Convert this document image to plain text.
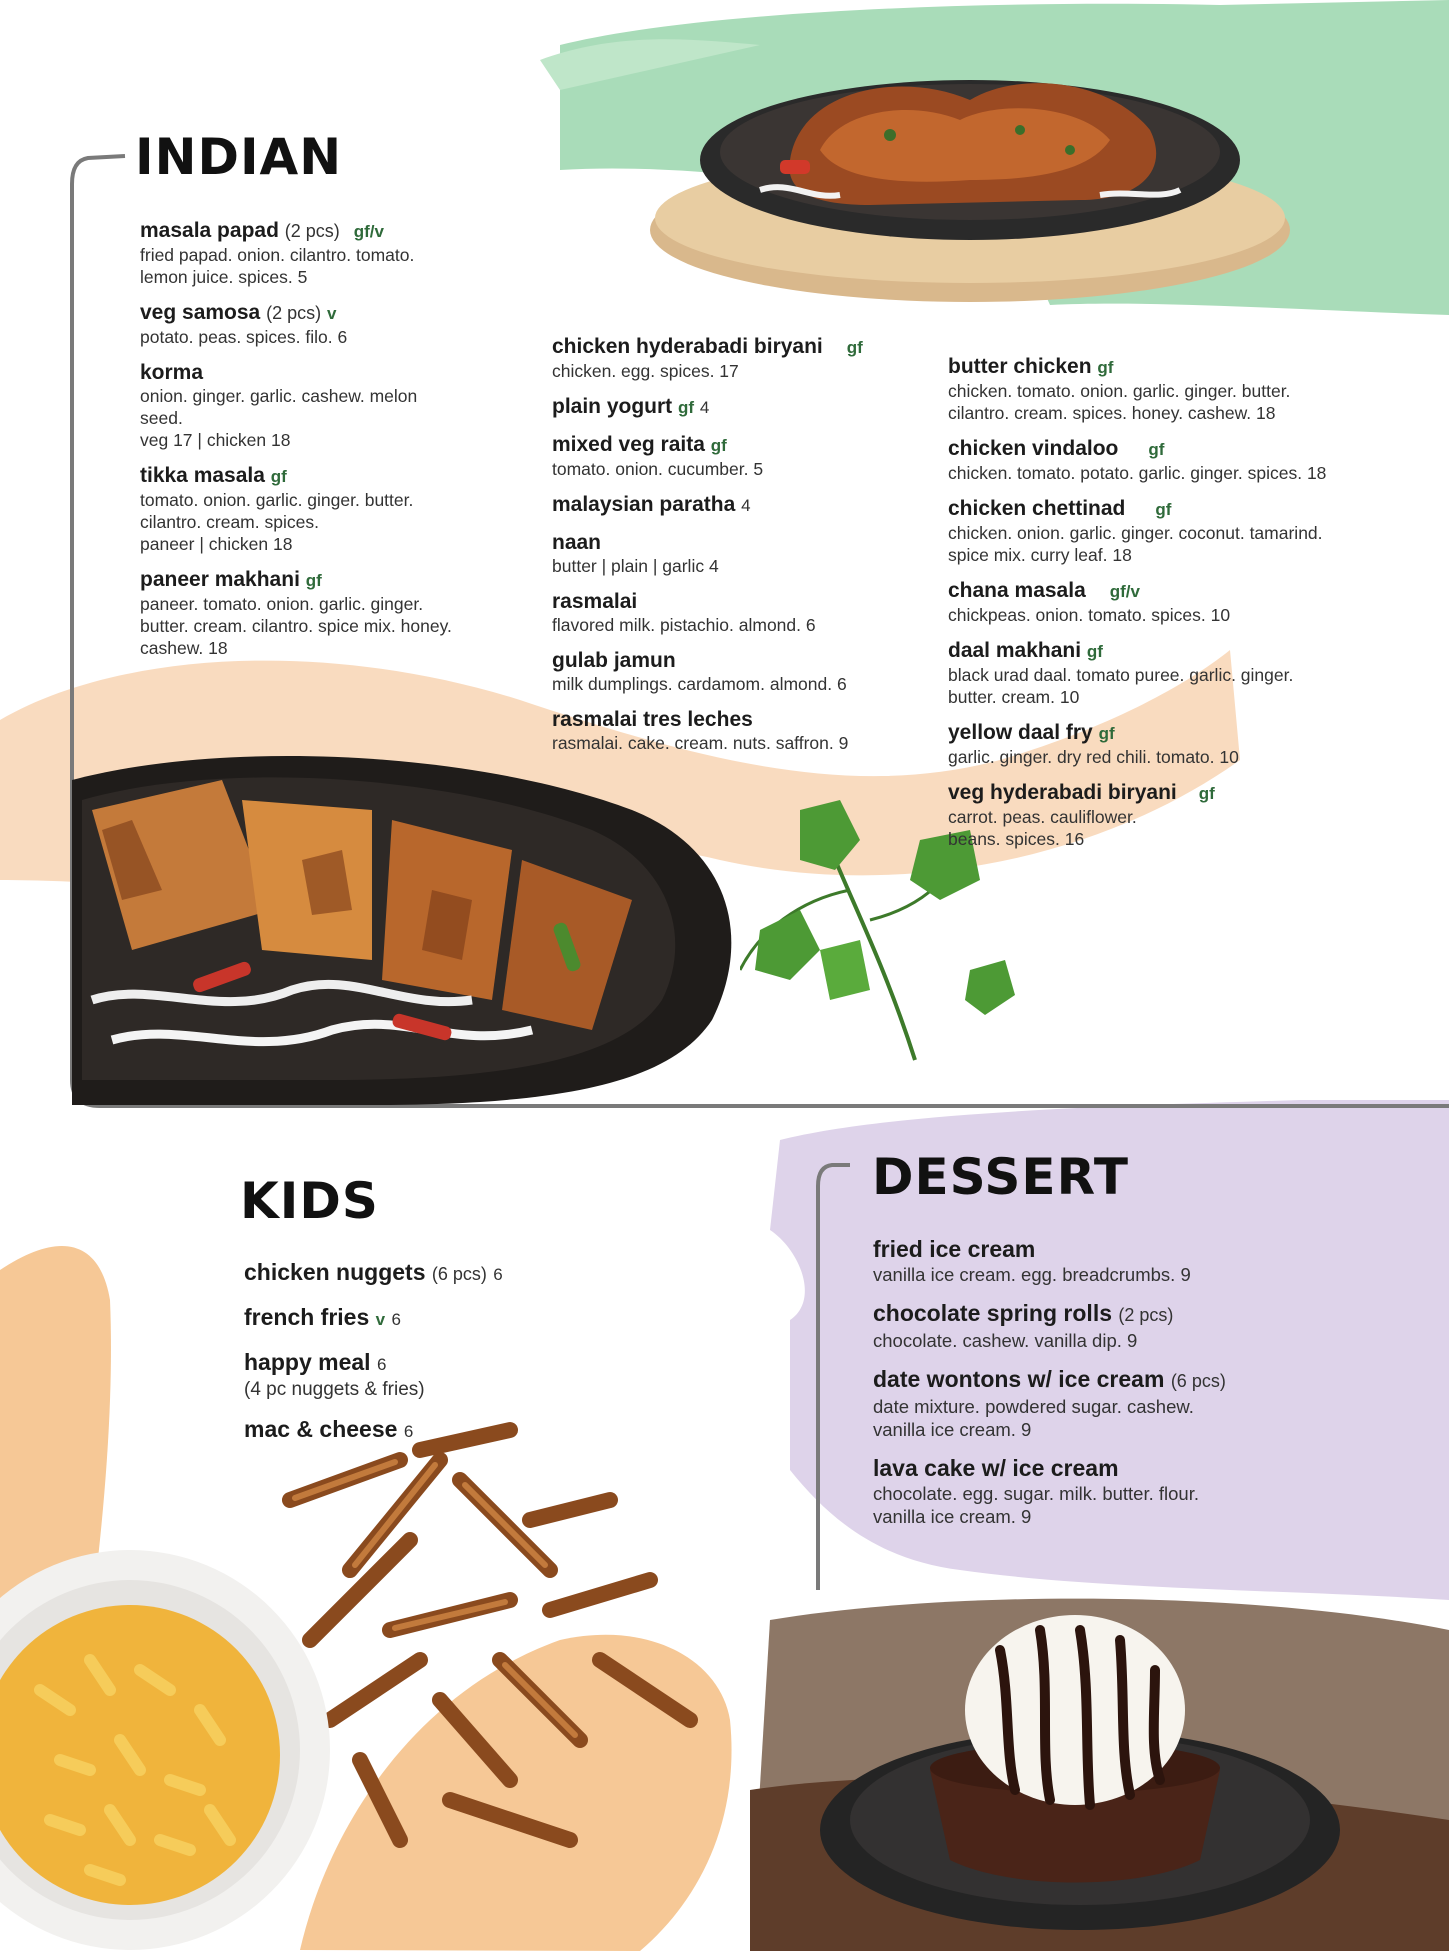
INDIAN
masala papad (2 pcs) gf/v
fried papad. onion. cilantro. tomato. lemon juice. spices. 5
veg samosa (2 pcs) v
potato. peas. spices. filo. 6
korma
onion. ginger. garlic. cashew. melon seed.
veg 17 | chicken 18
tikka masala gf
tomato. onion. garlic. ginger. butter. cilantro. cream. spices.
paneer | chicken 18
paneer makhani gf
paneer. tomato. onion. garlic. ginger. butter. cream. cilantro. spice mix. honey. cashew. 18
chicken hyderabadi biryani gf
chicken. egg. spices. 17
plain yogurt gf 4
mixed veg raita gf
tomato. onion. cucumber. 5
malaysian paratha 4
naan
butter | plain | garlic 4
rasmalai
flavored milk. pistachio. almond. 6
gulab jamun
milk dumplings. cardamom. almond. 6
rasmalai tres leches
rasmalai. cake. cream. nuts. saffron. 9
butter chicken gf
chicken. tomato. onion. garlic. ginger. butter. cilantro. cream. spices. honey. cashew. 18
chicken vindaloo gf
chicken. tomato. potato. garlic. ginger. spices. 18
chicken chettinad gf
chicken. onion. garlic. ginger. coconut. tamarind. spice mix. curry leaf. 18
chana masala gf/v
chickpeas. onion. tomato. spices. 10
daal makhani gf
black urad daal. tomato puree. garlic. ginger. butter. cream. 10
yellow daal fry gf
garlic. ginger. dry red chili. tomato. 10
veg hyderabadi biryani gf
carrot. peas. cauliflower. beans. spices. 16
KIDS
chicken nuggets (6 pcs) 6
french fries v 6
happy meal 6
(4 pc nuggets & fries)
mac & cheese 6
DESSERT
fried ice cream
vanilla ice cream. egg. breadcrumbs. 9
chocolate spring rolls (2 pcs)
chocolate. cashew. vanilla dip. 9
date wontons w/ ice cream (6 pcs)
date mixture. powdered sugar. cashew. vanilla ice cream. 9
lava cake w/ ice cream
chocolate. egg. sugar. milk. butter. flour. vanilla ice cream. 9
